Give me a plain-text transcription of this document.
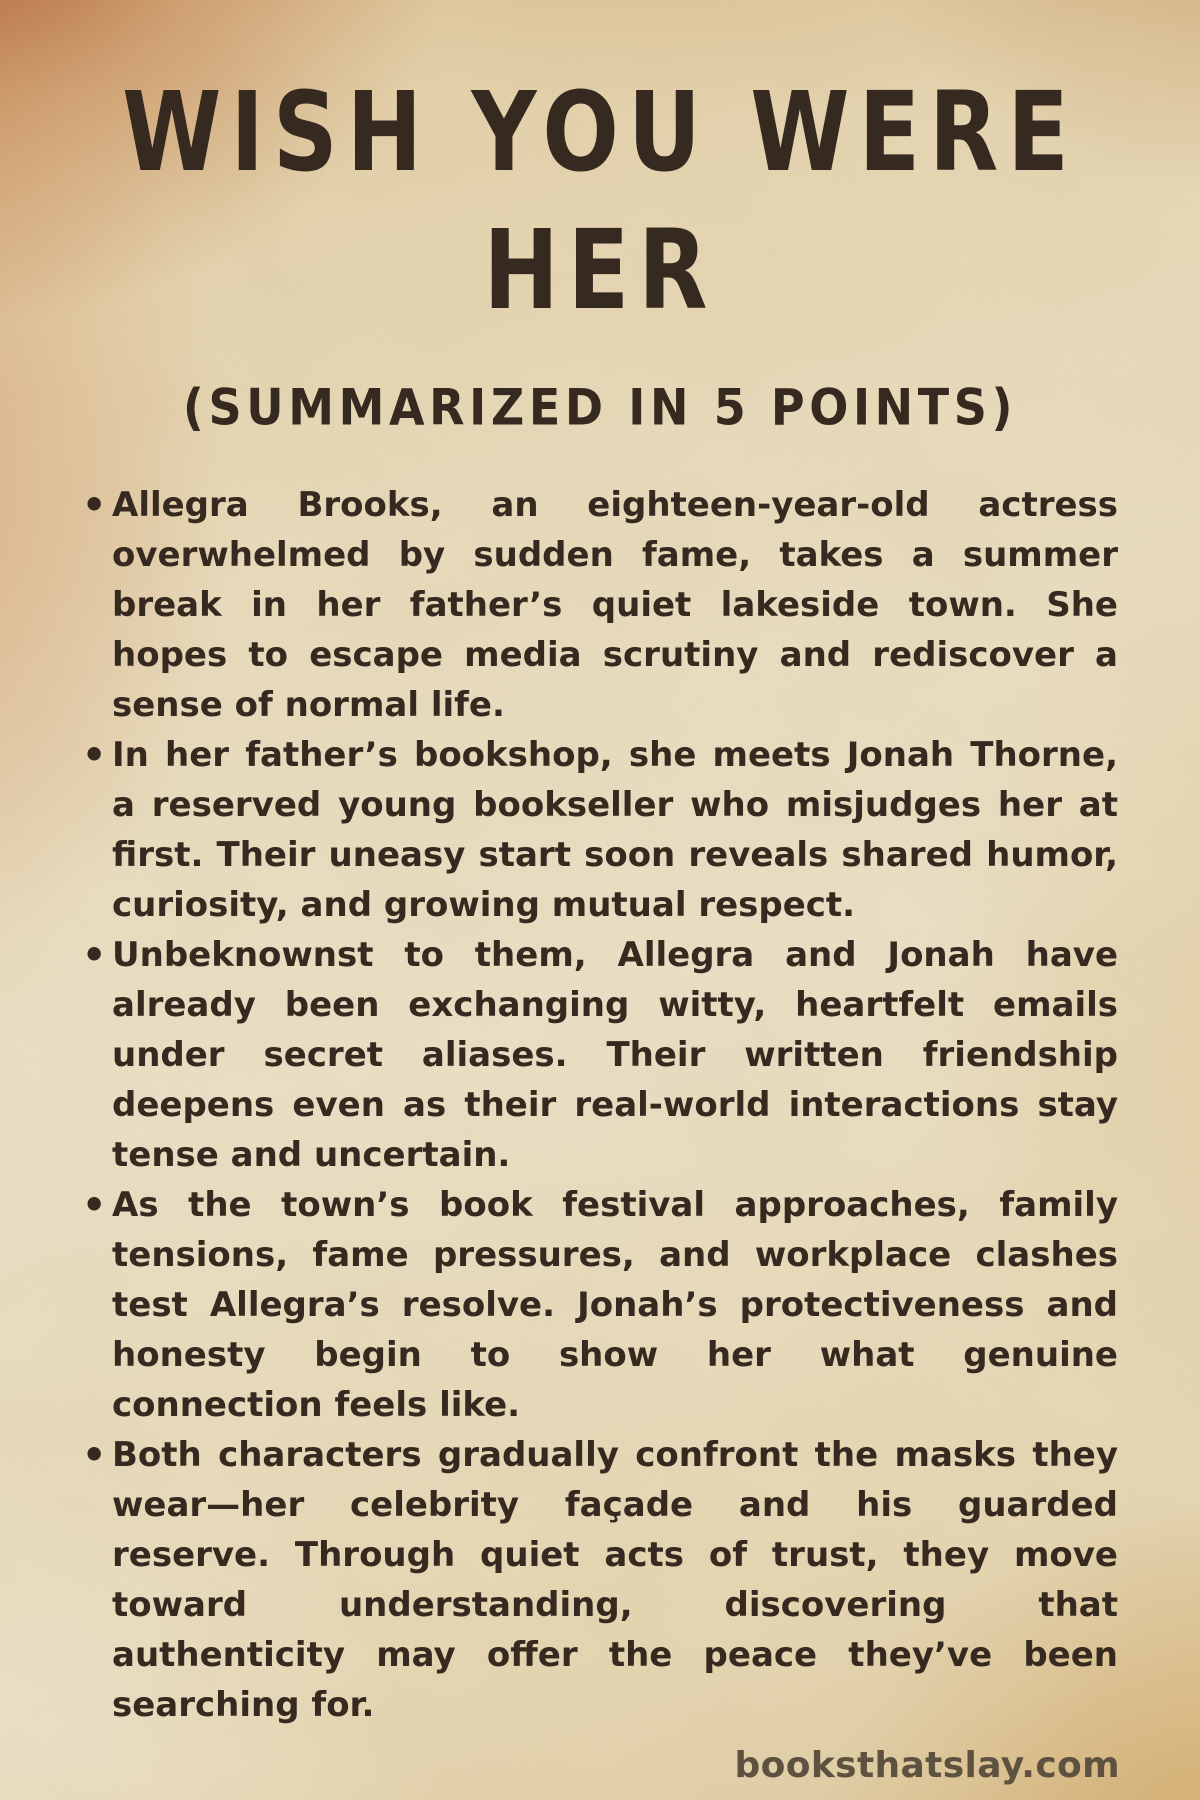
WISH YOU WERE HER
(SUMMARIZED IN 5 POINTS)
• Allegra Brooks, an eighteen-year-old actress overwhelmed by sudden fame, takes a summer break in her father’s quiet lakeside town. She hopes to escape media scrutiny and rediscover a sense of normal life.
• In her father’s bookshop, she meets Jonah Thorne, a reserved young bookseller who misjudges her at first. Their uneasy start soon reveals shared humor, curiosity, and growing mutual respect.
• Unbeknownst to them, Allegra and Jonah have already been exchanging witty, heartfelt emails under secret aliases. Their written friendship deepens even as their real-world interactions stay tense and uncertain.
• As the town’s book festival approaches, family tensions, fame pressures, and workplace clashes test Allegra’s resolve. Jonah’s protectiveness and honesty begin to show her what genuine connection feels like.
• Both characters gradually confront the masks they wear—her celebrity façade and his guarded reserve. Through quiet acts of trust, they move toward understanding, discovering that authenticity may offer the peace they’ve been searching for.
booksthatslay.com
